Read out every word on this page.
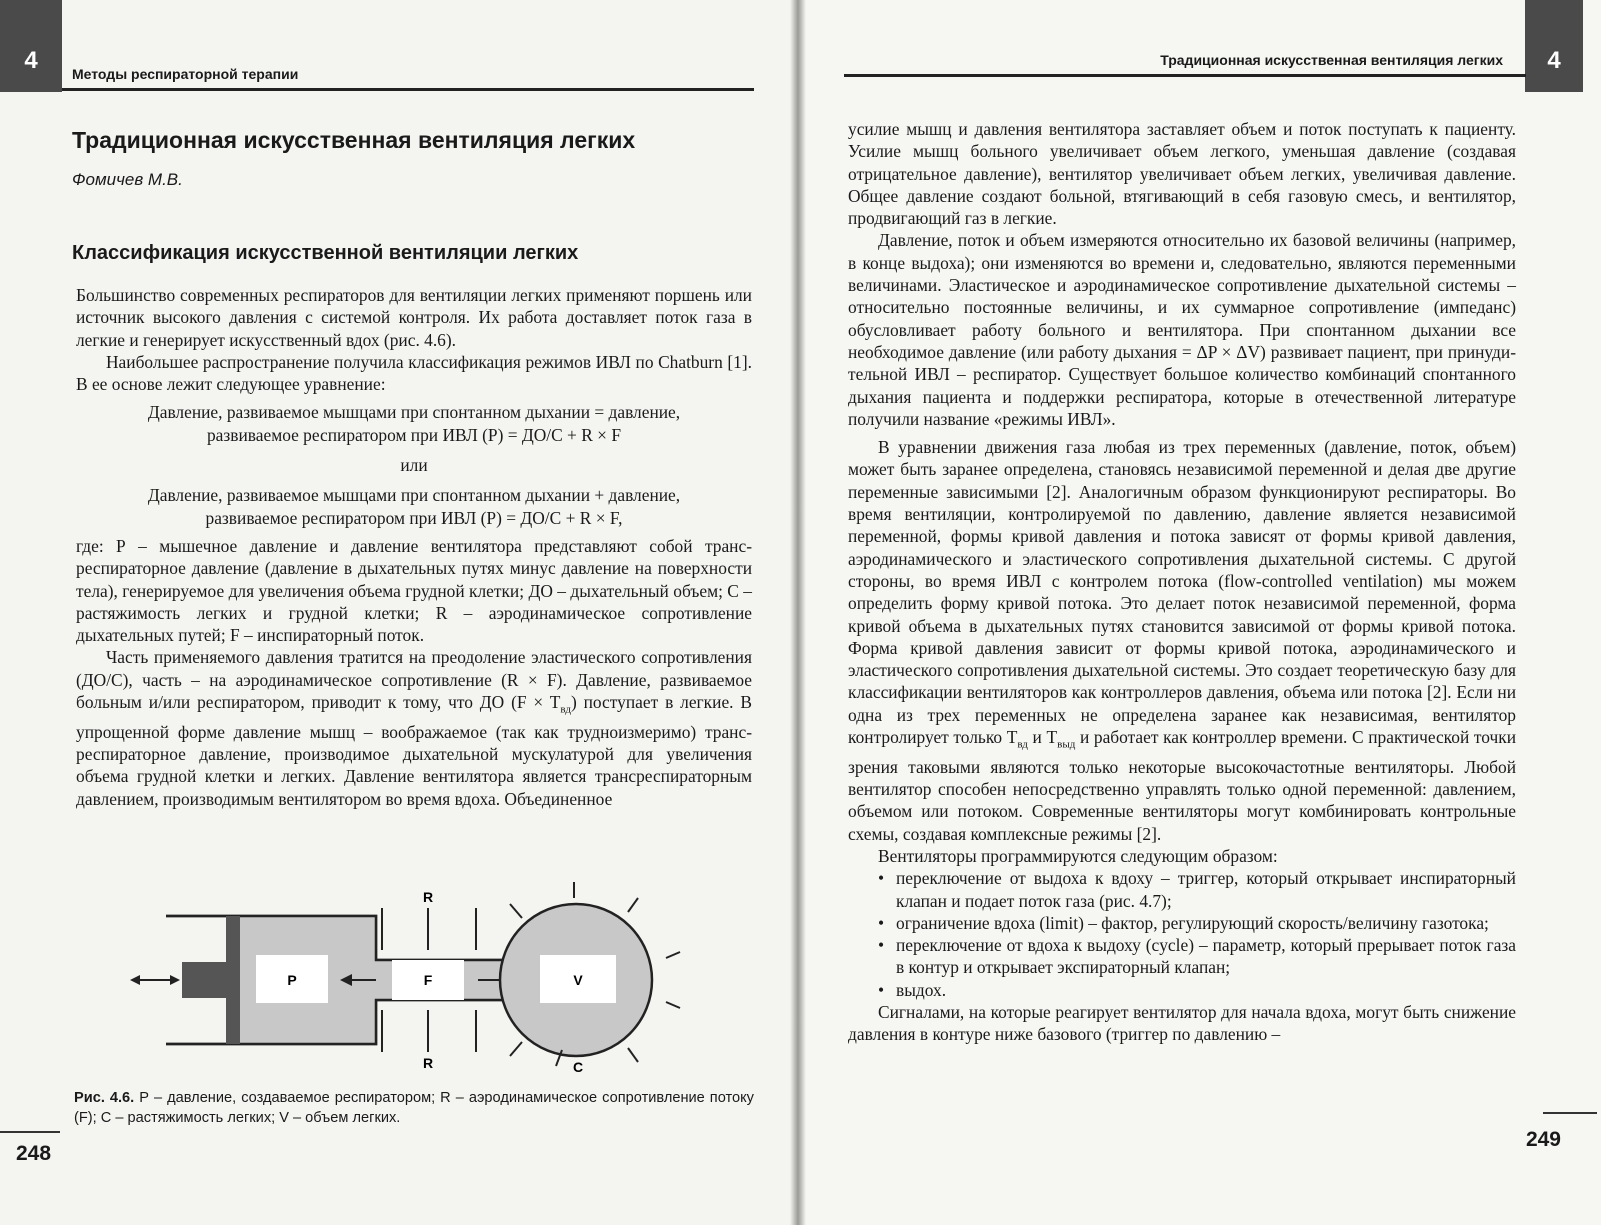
4	Методы респираторной терапии
Традиционная искусственная вентиляция легких
Фомичев М.В.
Классификация искусственной вентиляции легких

Большинство современных респираторов для вентиляции легких применяют поршень или источник высокого давления с системой контроля. Их работа доставляет поток газа в легкие и генерирует искусственный вдох (рис. 4.6).

Наибольшее распространение получила классификация режимов ИВЛ по Chatburn [1]. В ее основе лежит следующее уравнение:

Давление, развиваемое мышцами при спонтанном дыхании = давление,

развиваемое респиратором при ИВЛ (Р) = ДО/С + R × F

или

Давление, развиваемое мышцами при спонтанном дыхании + давление,

развиваемое респиратором при ИВЛ (Р) = ДО/С + R × F,

где: Р – мышечное давление и давление вентилятора представляют собой трансреспираторное давление (давление в дыхательных путях минус давление на поверхности тела), генерируемое для увеличения объема грудной клетки; ДО – дыхательный объем; С – растяжимость легких и грудной клетки; R – аэродинамическое сопротивление дыхательных путей; F – инспираторный поток.

Часть применяемого давления тратится на преодоление эластического сопротивления (ДО/С), часть – на аэродинамическое сопротивление (R × F). Давление, развиваемое больным и/или респиратором, приводит к тому, что ДО $(F \times T_{вд})$ поступает в легкие. В упрощенной форме давление мышц – воображаемое (так как трудноизмеримо) трансреспираторное давление, производимое дыхательной мускулатурой для увеличения объема грудной клетки и легких. Давление вентилятора является трансреспираторным давлением, производимым вентилятором во время вдоха. Объединенное

P	F
R
R
V
C
Рис. 4.6. Р – давление, создаваемое респиратором; R – аэродинамическое сопротивление потоку (F); С – растяжимость легких; V – объем легких.
248
4
Традиционная искусственная вентиляция легких

усилие мышц и давления вентилятора заставляет объем и поток поступать к пациенту. Усилие мышц больного увеличивает объем легкого, уменьшая давление (создавая отрицательное давление), вентилятор увеличивает объем легких, увеличивая давление. Общее давление создают больной, втягивающий в себя газовую смесь, и вентилятор, продвигающий газ в легкие.

Давление, поток и объем измеряются относительно их базовой величины (например, в конце выдоха); они изменяются во времени и, следовательно, являются переменными величинами. Эластическое и аэродинамическое сопротивление дыхательной системы – относительно постоянные величины, и их суммарное сопротивление (импеданс) обусловливает работу больного и вентилятора. При спонтанном дыхании все необходимое давление (или работу дыхания = ΔP × ΔV) развивает пациент, при принудительной ИВЛ – респиратор. Существует большое количество комбинаций спонтанного дыхания пациента и поддержки респиратора, которые в отечественной литературе получили название «режимы ИВЛ».

В уравнении движения газа любая из трех переменных (давление, поток, объем) может быть заранее определена, становясь независимой переменной и делая две другие переменные зависимыми [2]. Аналогичным образом функционируют респираторы. Во время вентиляции, контролируемой по давлению, давление является независимой переменной, формы кривой давления и потока зависят от формы кривой давления, аэродинамического и эластического сопротивления дыхательной системы. С другой стороны, во время ИВЛ с контролем потока (flow-controlled ventilation) мы можем определить форму кривой потока. Это делает поток независимой переменной, форма кривой объема в дыхательных путях становится зависимой от формы кривой потока. Форма кривой давления зависит от формы кривой потока, аэродинамического и эластического сопротивления дыхательной системы. Это создает теоретическую базу для классификации вентиляторов как контроллеров давления, объема или потока [2]. Если ни одна из трех переменных не определена заранее как независимая, вентилятор контролирует только $Т_{вд}$ и $Т_{выд}$ и работает как контроллер времени. С практической точки зрения таковыми являются только некоторые высокочастотные вентиляторы. Любой вентилятор способен непосредственно управлять только одной переменной: давлением, объемом или потоком. Современные вентиляторы могут комбинировать контрольные схемы, создавая комплексные режимы [2].

Вентиляторы программируются следующим образом:

• переключение от выдоха к вдоху – триггер, который открывает инспираторный клапан и подает поток газа (рис. 4.7);
• ограничение вдоха (limit) – фактор, регулирующий скорость/величину газотока;
• переключение от вдоха к выдоху (cycle) – параметр, который прерывает поток газа в контур и открывает экспираторный клапан;
• выдох.

Сигналами, на которые реагирует вентилятор для начала вдоха, могут быть снижение давления в контуре ниже базового (триггер по давлению –

249
